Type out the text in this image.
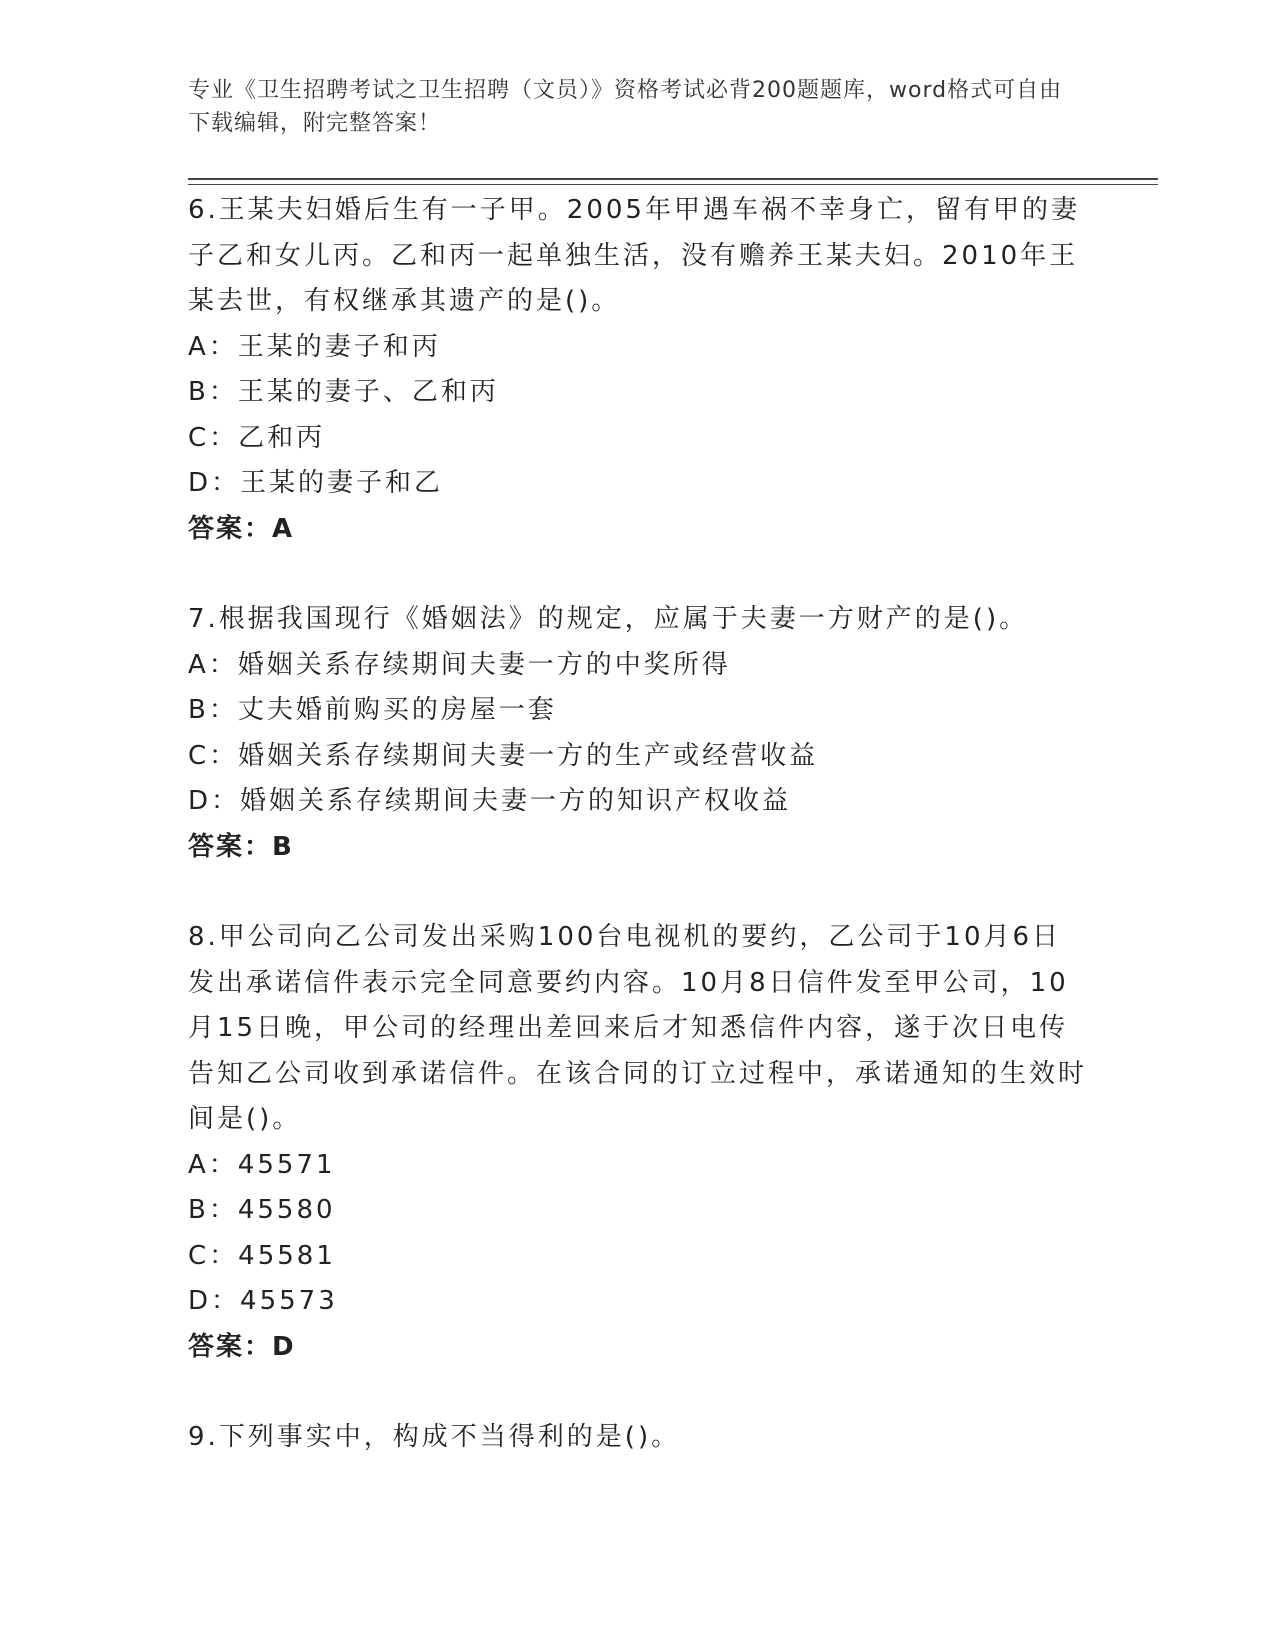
专业《卫生招聘考试之卫生招聘（文员）》资格考试必背200题题库，word格式可自由下载编辑，附完整答案！

6.王某夫妇婚后生有一子甲。2005年甲遇车祸不幸身亡，留有甲的妻子乙和女儿丙。乙和丙一起单独生活，没有赡养王某夫妇。2010年王某去世，有权继承其遗产的是()。

A：王某的妻子和丙

B：王某的妻子、乙和丙

C：乙和丙

D：王某的妻子和乙

答案：A

7.根据我国现行《婚姻法》的规定，应属于夫妻一方财产的是()。

A：婚姻关系存续期间夫妻一方的中奖所得

B：丈夫婚前购买的房屋一套

C：婚姻关系存续期间夫妻一方的生产或经营收益

D：婚姻关系存续期间夫妻一方的知识产权收益

答案：B

8.甲公司向乙公司发出采购100台电视机的要约，乙公司于10月6日发出承诺信件表示完全同意要约内容。10月8日信件发至甲公司，10月15日晚，甲公司的经理出差回来后才知悉信件内容，遂于次日电传告知乙公司收到承诺信件。在该合同的订立过程中，承诺通知的生效时间是()。

A：45571

B：45580

C：45581

D：45573

答案：D

9.下列事实中，构成不当得利的是()。
